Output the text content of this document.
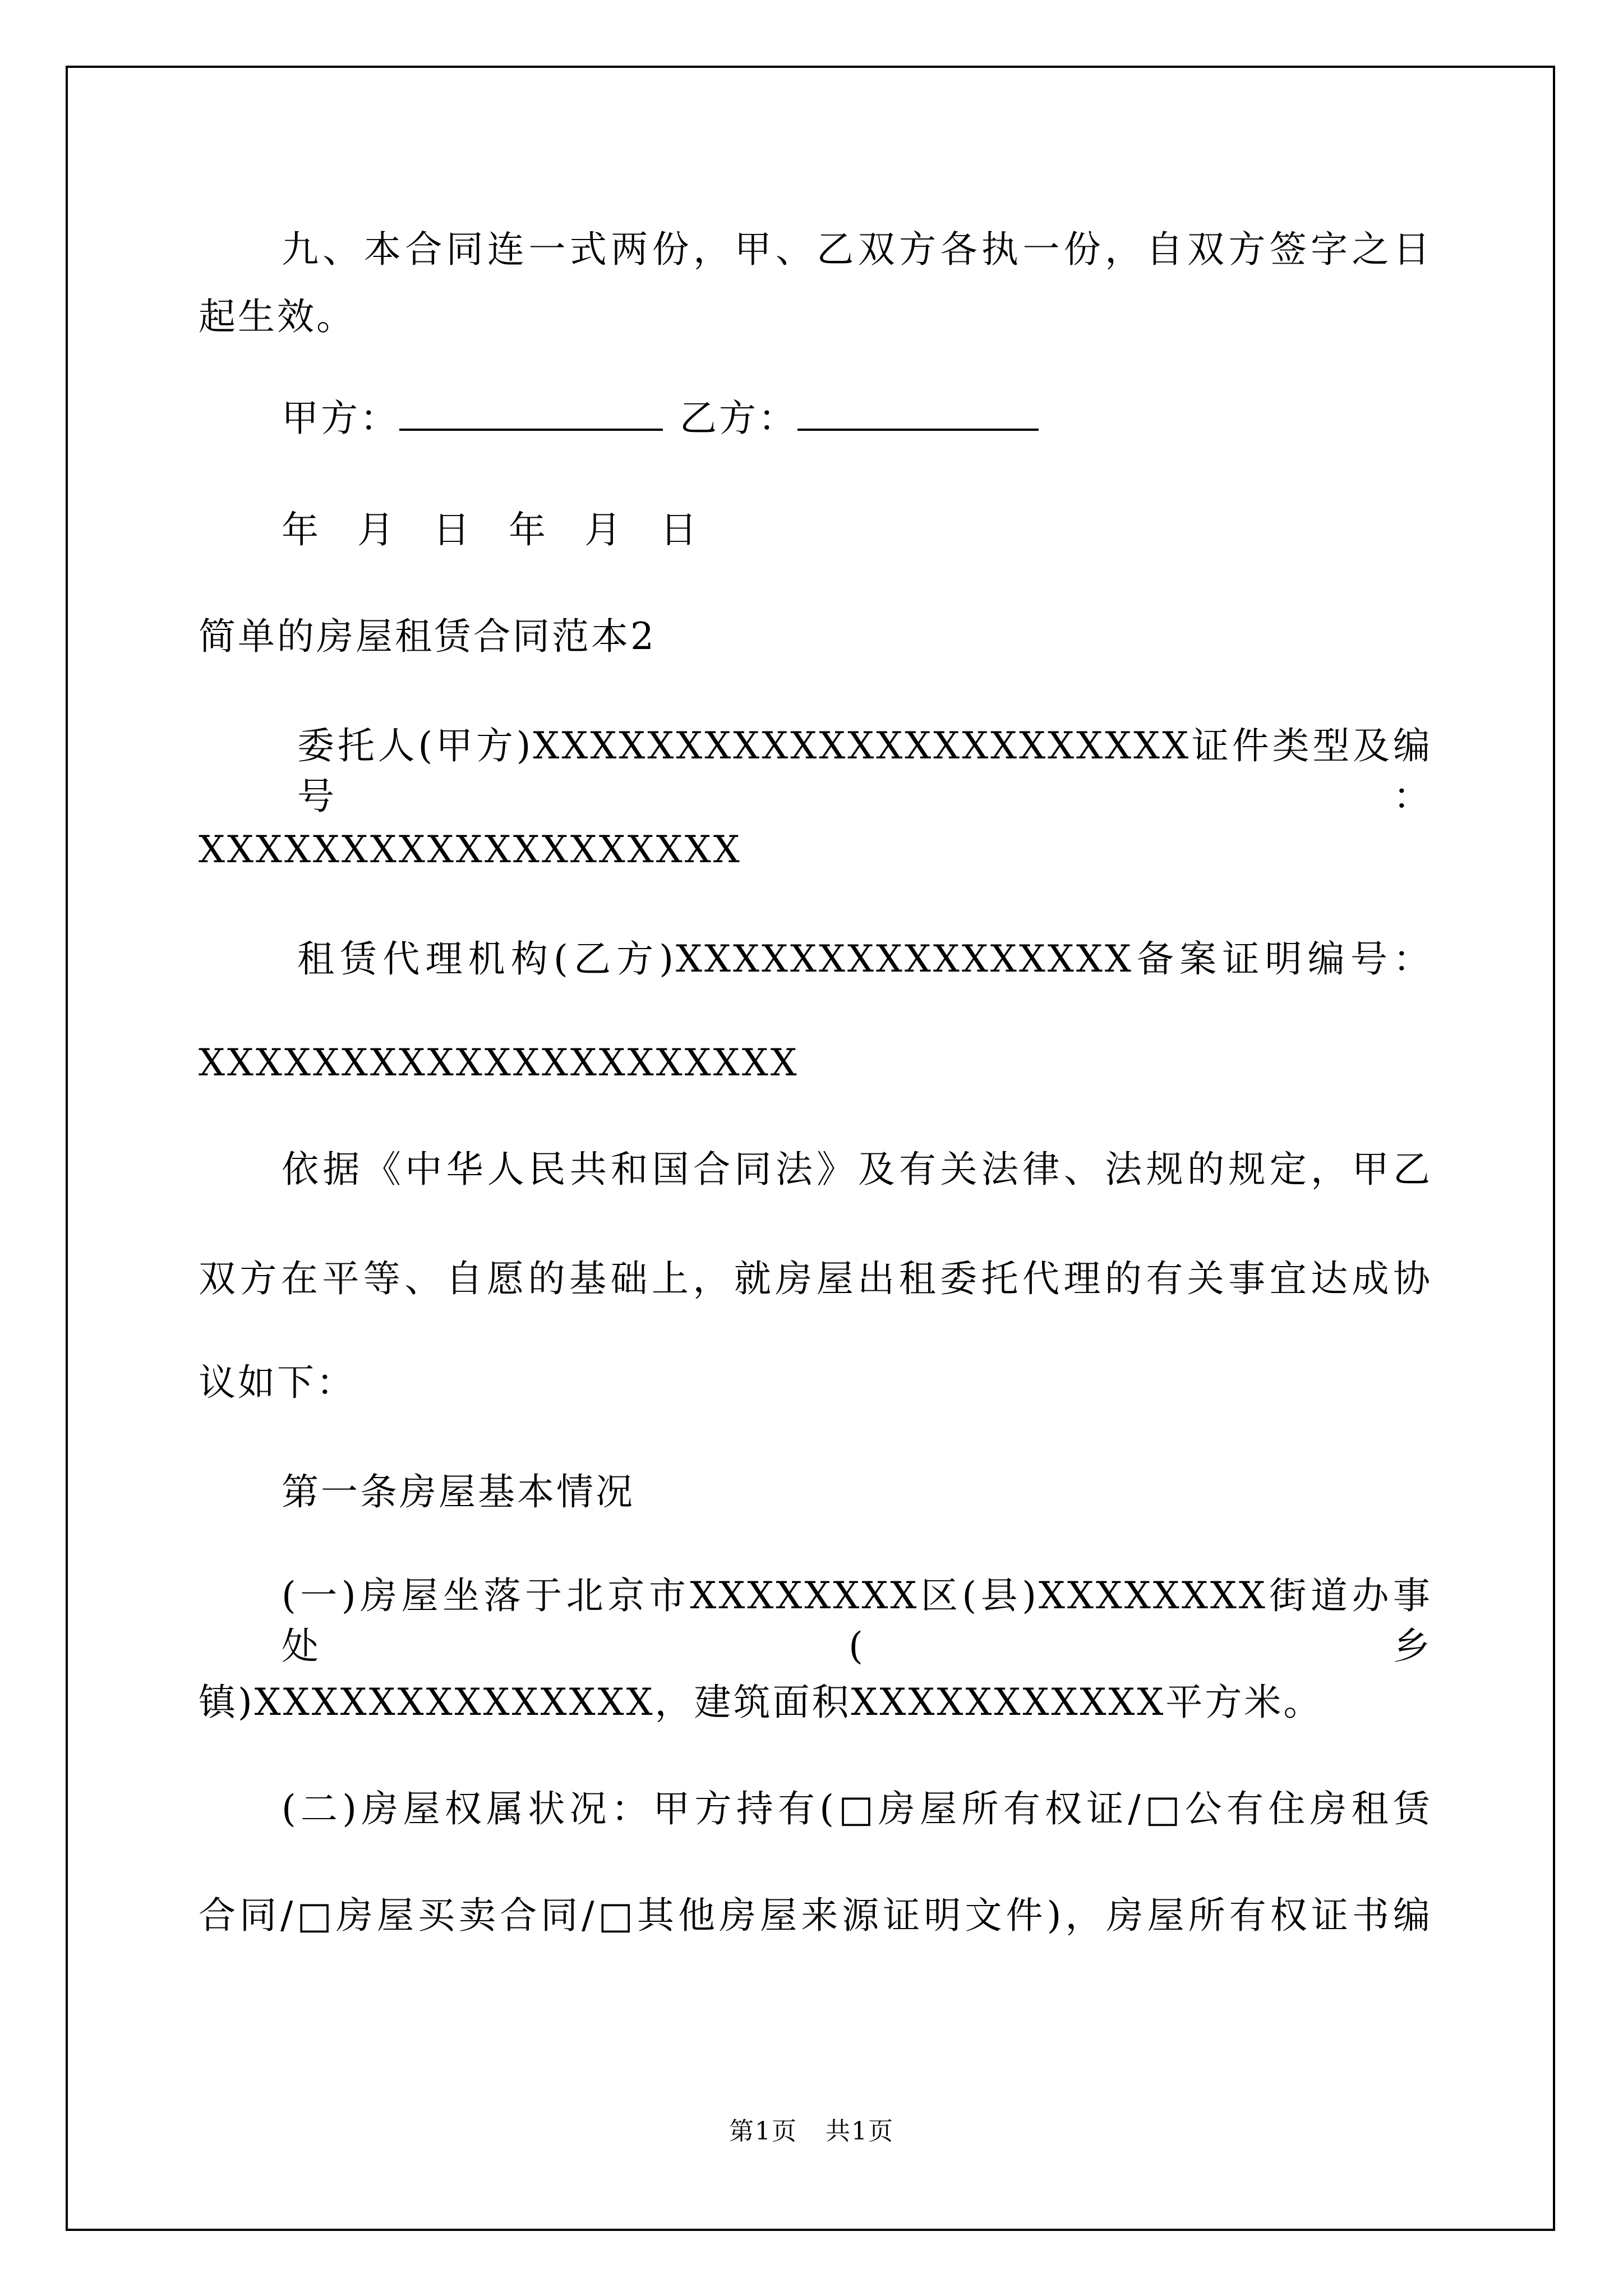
九、本合同连一式两份，甲、乙双方各执一份，自双方签字之日
起生效。
甲方：	乙方：
年 月 日 年 月 日
简单的房屋租赁合同范本2
委托人(甲方)XXXXXXXXXXXXXXXXXXXXXXX证件类型及编号：
XXXXXXXXXXXXXXXXXXX
租赁代理机构(乙方)XXXXXXXXXXXXXXXX备案证明编号：
XXXXXXXXXXXXXXXXXXXXX
依据《中华人民共和国合同法》及有关法律、法规的规定，甲乙
双方在平等、自愿的基础上，就房屋出租委托代理的有关事宜达成协
议如下：
第一条房屋基本情况
(一)房屋坐落于北京市XXXXXXXX区(县)XXXXXXXX街道办事处(乡
镇)XXXXXXXXXXXXXX，建筑面积XXXXXXXXXXX平方米。
(二)房屋权属状况：甲方持有(□房屋所有权证/□公有住房租赁
合同/□房屋买卖合同/□其他房屋来源证明文件)，房屋所有权证书编
第1页 共1页
